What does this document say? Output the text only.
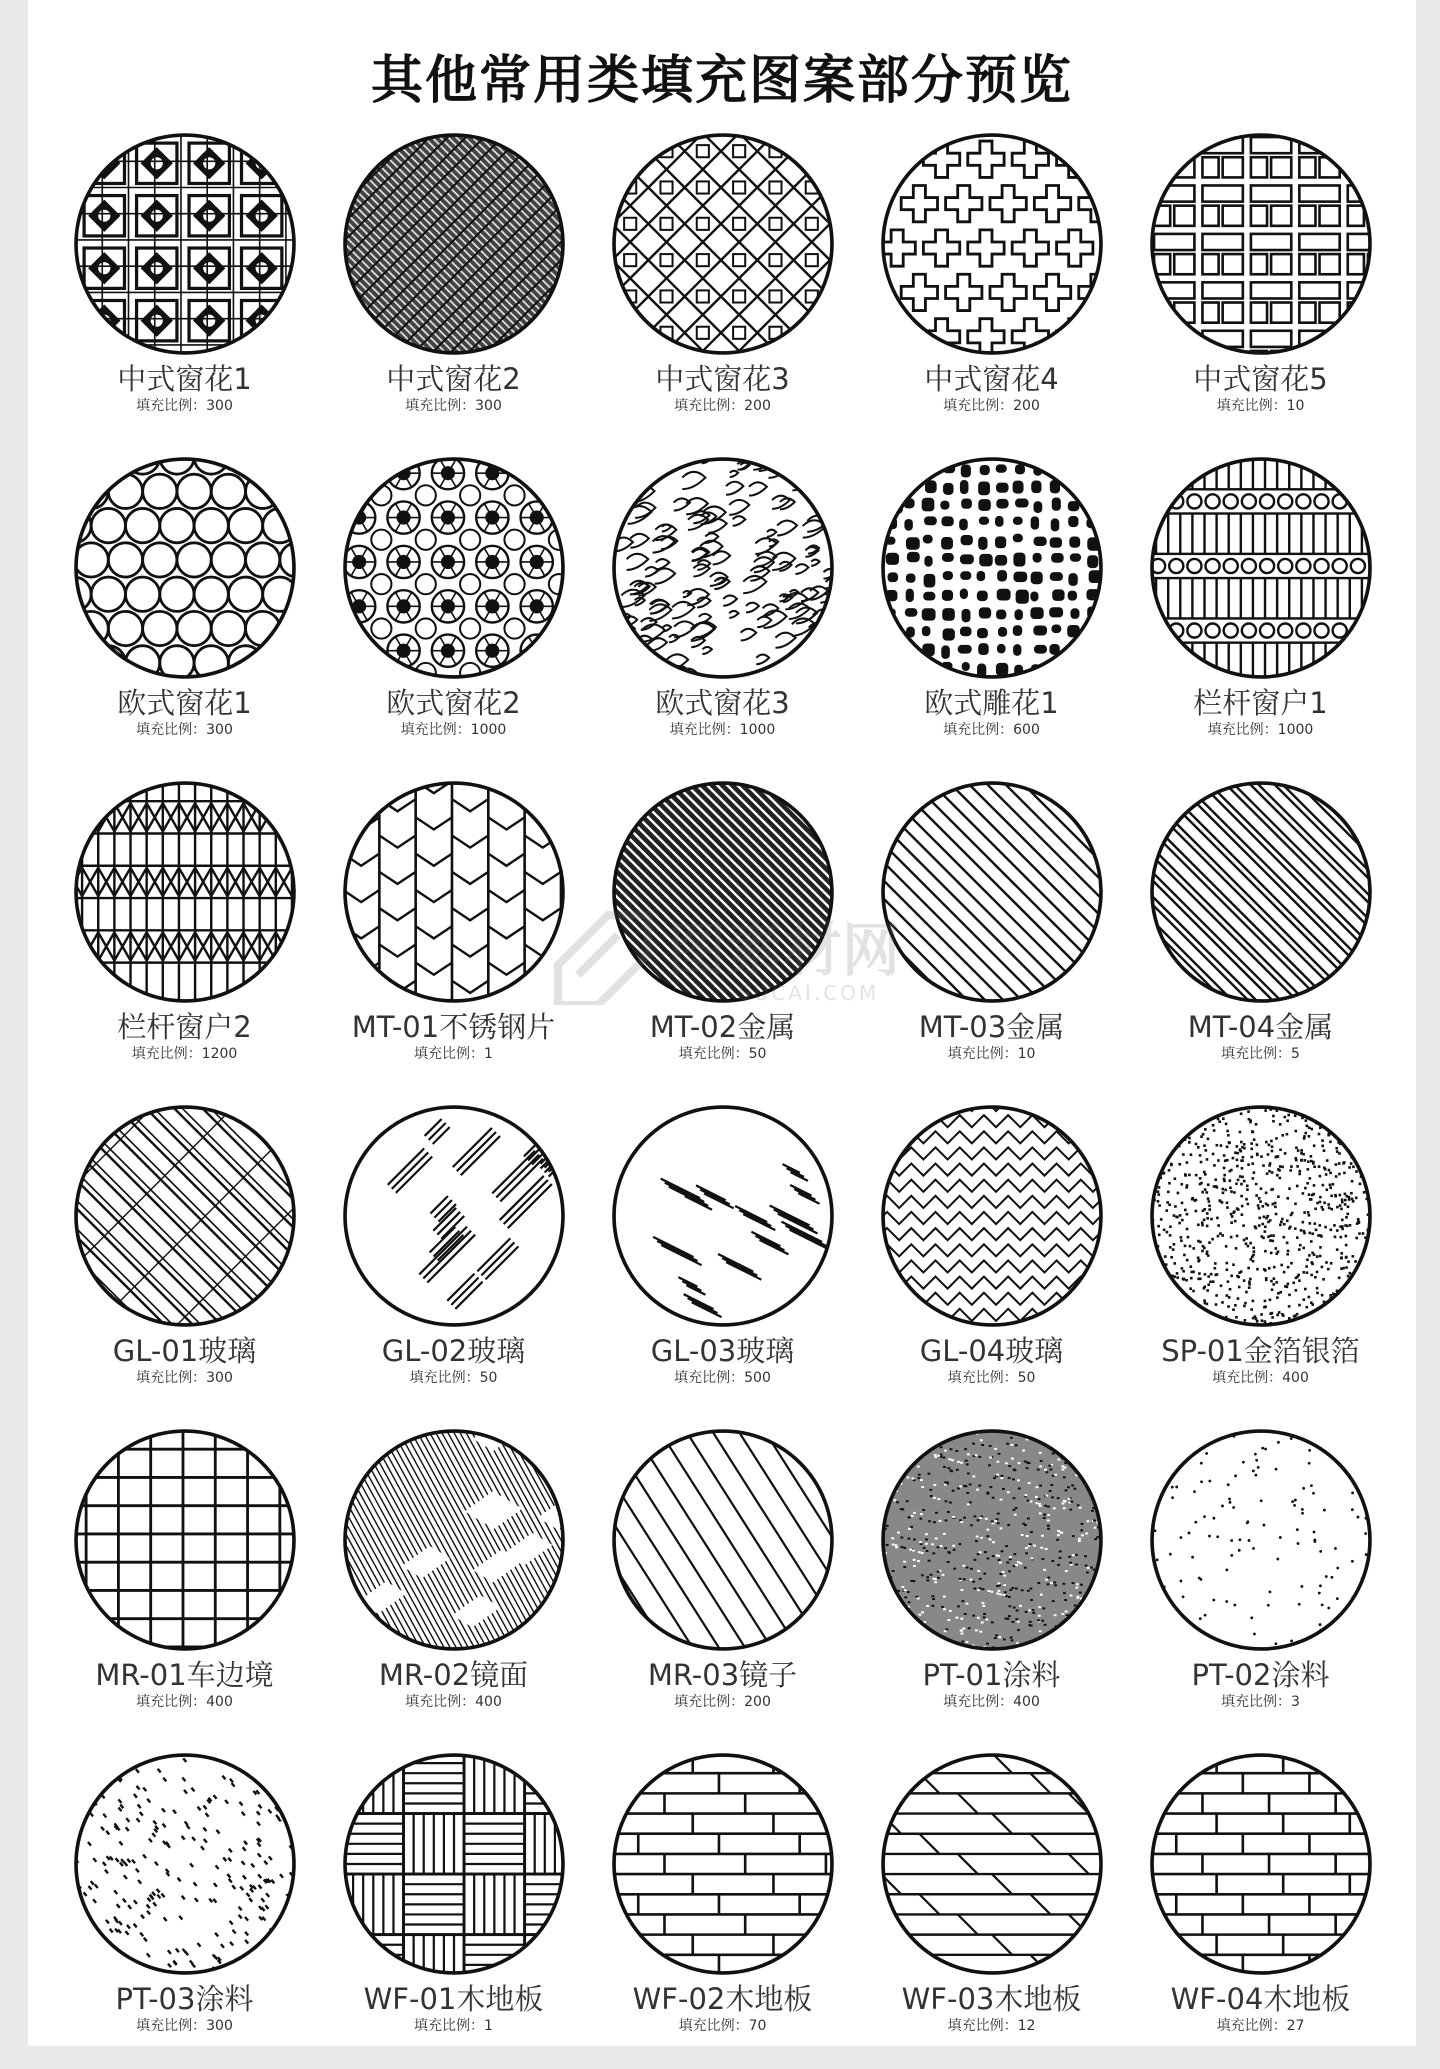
其他常用类填充图案部分预览
中式窗花1
填充比例：300
中式窗花2
填充比例：300
中式窗花3
填充比例：200
中式窗花4
填充比例：200
中式窗花5
填充比例：10
欧式窗花1
填充比例：300
欧式窗花2
填充比例：1000
欧式窗花3
填充比例：1000
欧式雕花1
填充比例：600
栏杆窗户1
填充比例：1000
栏杆窗户2
填充比例：1200
MT-01不锈钢片
填充比例：1
MT-02金属
填充比例：50
MT-03金属
填充比例：10
MT-04金属
填充比例：5
GL-01玻璃
填充比例：300
GL-02玻璃
填充比例：50
GL-03玻璃
填充比例：500
GL-04玻璃
填充比例：50
SP-01金箔银箔
填充比例：400
MR-01车边境
填充比例：400
MR-02镜面
填充比例：400
MR-03镜子
填充比例：200
PT-01涂料
填充比例：400
PT-02涂料
填充比例：3
PT-03涂料
填充比例：300
WF-01木地板
填充比例：1
WF-02木地板
填充比例：70
WF-03木地板
填充比例：12
WF-04木地板
填充比例：27
SUCAI.COM
